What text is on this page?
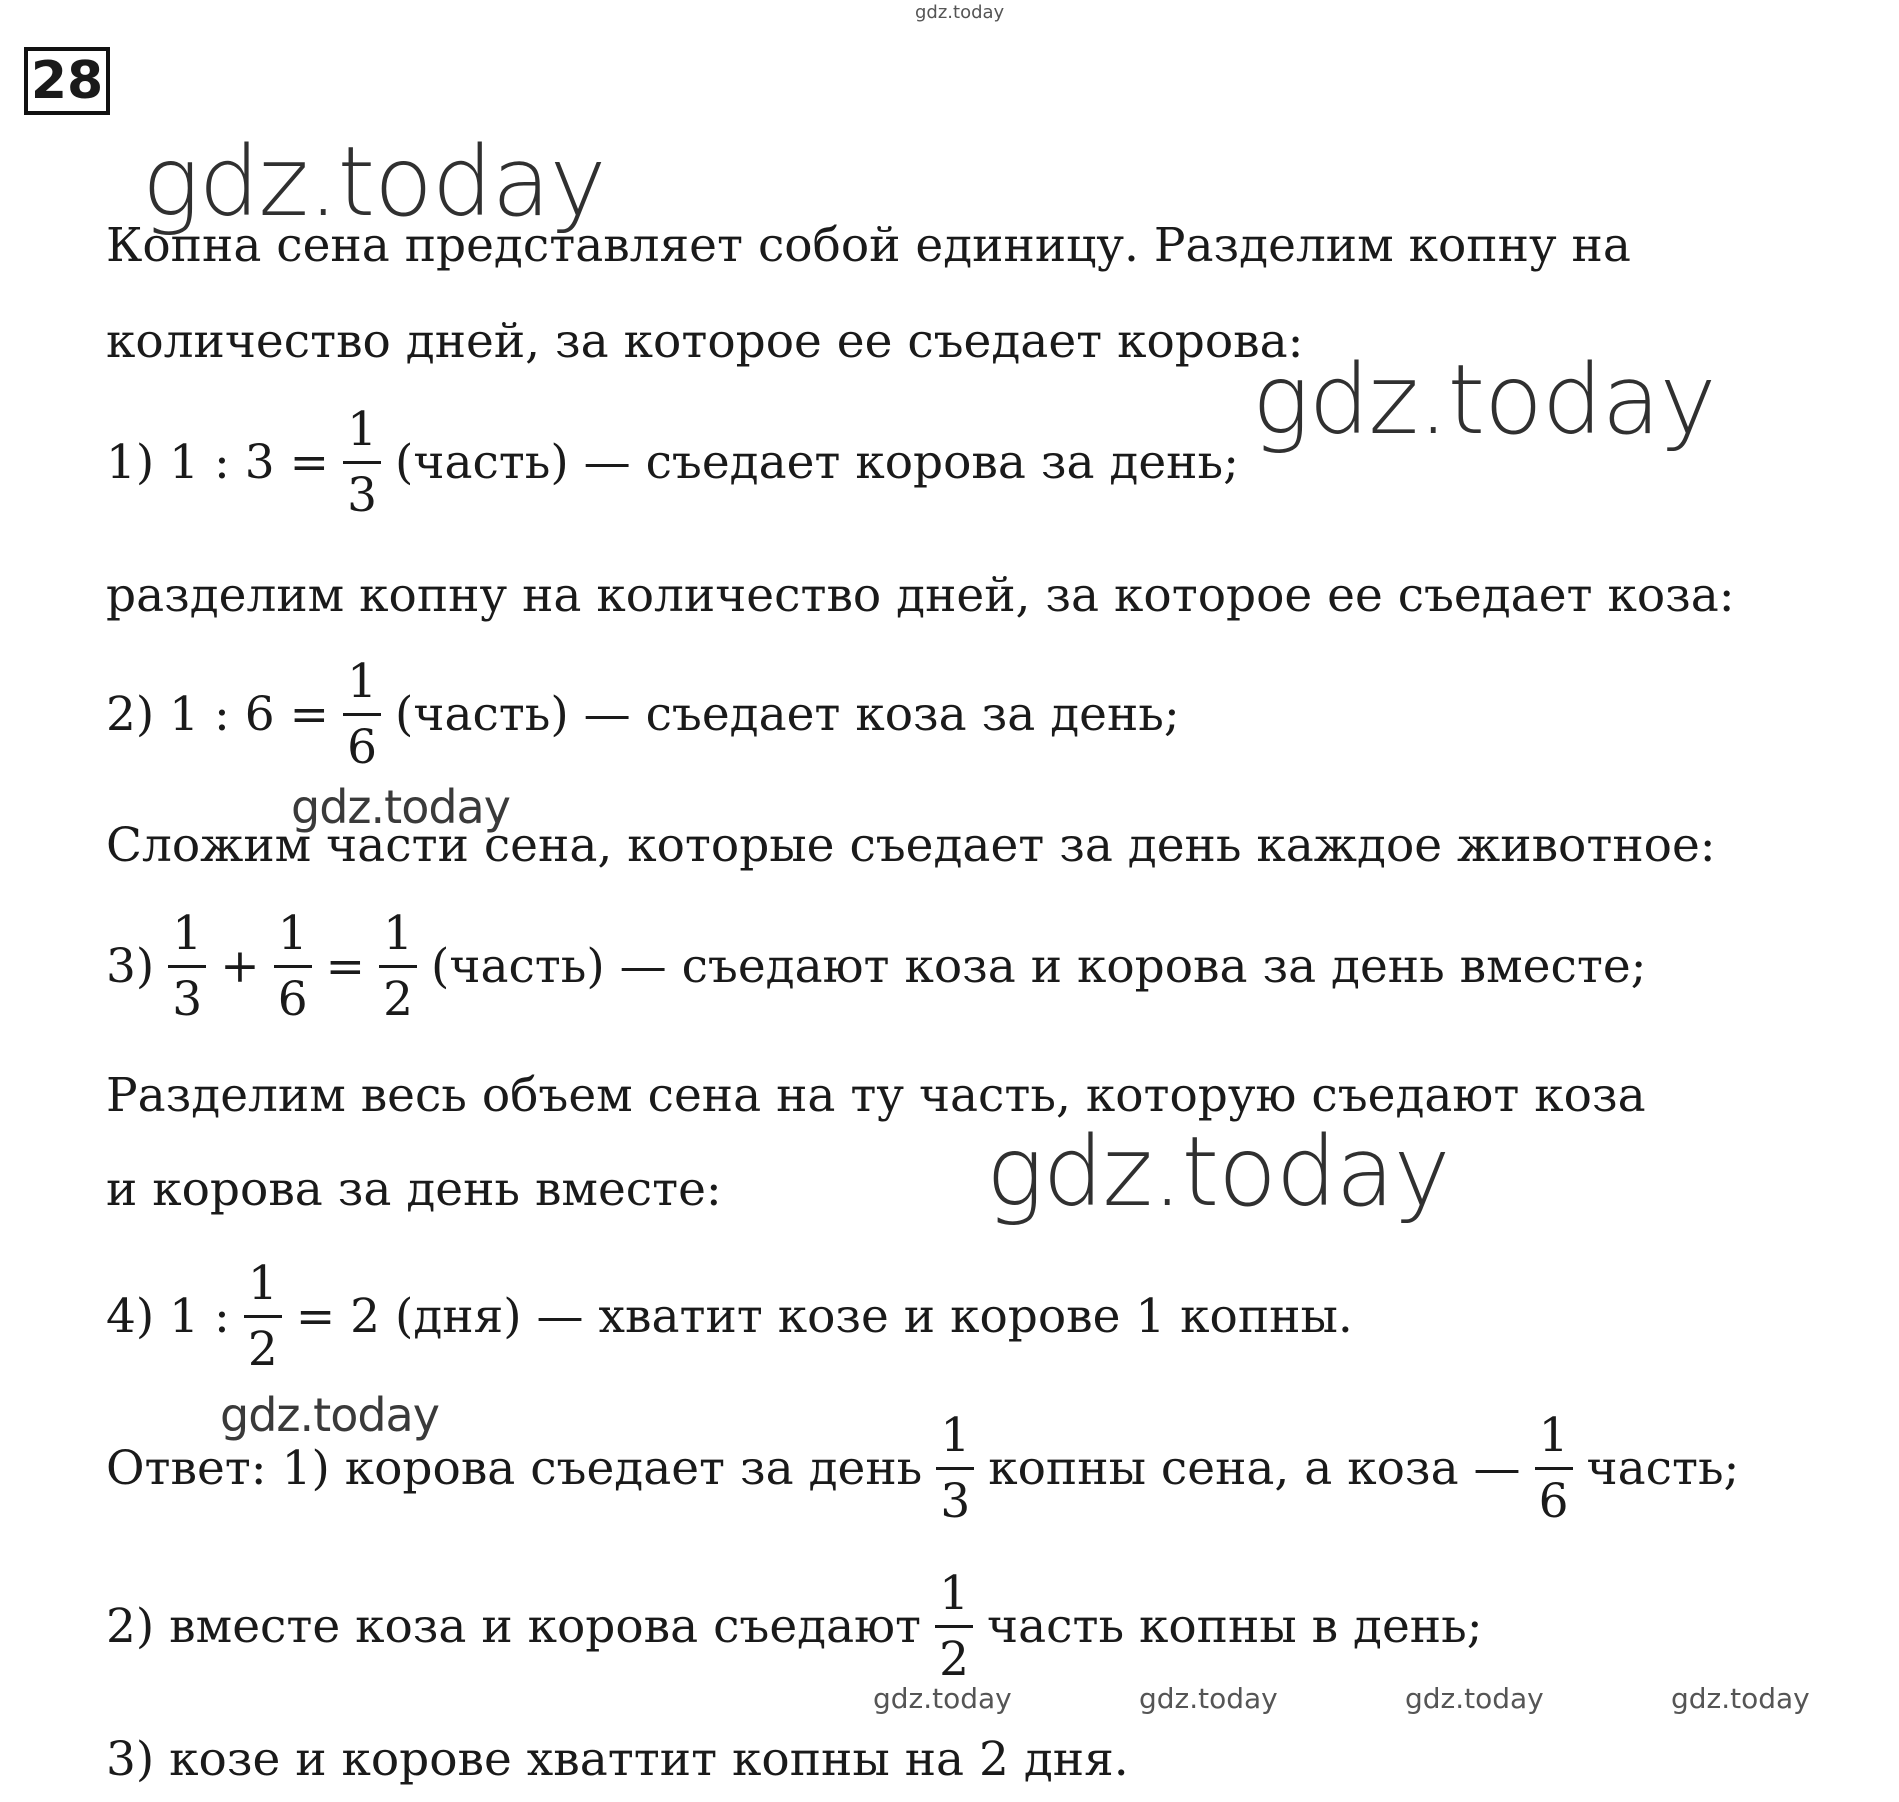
gdz.today
gdz.today
gdz.today
gdz.today
gdz.today
gdz.today
gdz.today	gdz.today	gdz.today	gdz.today
28
Копна сена представляет собой единицу. Разделим копну на
количество дней, за которое ее съедает корова:
1) 1 : $3 = \frac{1}{3}$ (часть) — съедает корова за день;
разделим копну на количество дней, за которое ее съедает коза:
2) 1 : $6 = \frac{1}{6}$ (часть) — съедает коза за день;
Сложим части сена, которые съедает за день каждое животное:
$3) \frac{1}{3} + \frac{1}{6} = \frac{1}{2}$ (часть) — съедают коза и корова за день вместе;
Разделим весь объем сена на ту часть, которую съедают коза
и корова за день вместе:
4) 1 : $\frac{1}{2} = 2$ (дня) — хватит козе и корове 1 копны.
Ответ: 1) корова съедает за день $\frac{1}{3}$ копны сена, а коза — $\frac{1}{6}$ часть;
2) вместе коза и корова съедают $\frac{1}{2}$ часть копны в день;
3) козе и корове хваттит копны на 2 дня.
